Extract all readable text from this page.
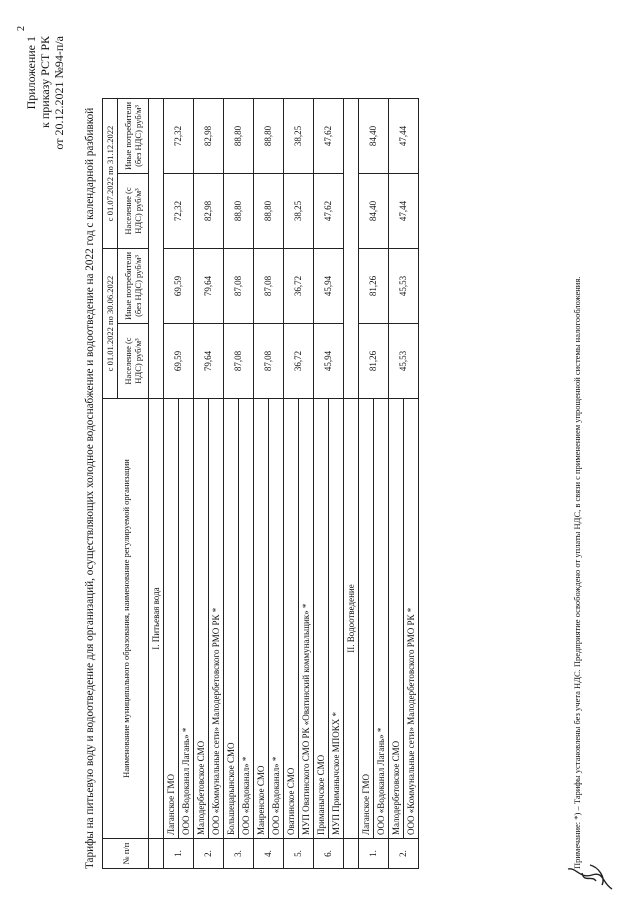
2
Приложение 1 к приказу РСТ РК от 20.12.2021 №94-п/а
Тарифы на питьевую воду и водоотведение для организаций, осуществляющих холодное водоснабжение и водоотведение на 2022 год с календарной разбивкой	№ п/п	Наименование муниципального образования, наименование регулируемой организации	с 01.01.2022 по 30.06.2022		с 01.07.2022 по 31.12.2022	
		Население (с НДС) руб/м³	Иные потребители (без НДС) руб/м³	Население (с НДС) руб/м³	Иные потребители (без НДС) руб/м³
	I. Питьевая вода				
1.	Лаганское ГМО	69,59	69,59	72,32	72,32
	ООО «Водоканал Лагань» *				
2.	Малодербетовское СМО	79,64	79,64	82,98	82,98
	ООО «Коммунальные сети» Малодербетовского РМО РК *				
3.	Большецарынское СМО	87,08	87,08	88,80	88,80
	ООО «Водоканал» *				
4.	Манренское СМО	87,08	87,08	88,80	88,80
	ООО «Водоканал» *				
5.	Оватинское СМО	36,72	36,72	38,25	38,25
	МУП Оватинского СМО РК «Оватинский коммунальщик» *				
6.	Приманычское СМО	45,94	45,94	47,62	47,62
	МУП Приманычское МПОКХ *				
	II. Водоотведение				
1.	Лаганское ГМО	81,26	81,26	84,40	84,40
	ООО «Водоканал Лагань» *				
2.	Малодербетовское СМО	45,53	45,53	47,44	47,44
	ООО «Коммунальные сети» Малодербетовского РМО РК *					Примечание: *) – Тарифы установлены без учета НДС. Предприятие освобождено от уплаты НДС, в связи с применением упрощенной системы налогообложения.
